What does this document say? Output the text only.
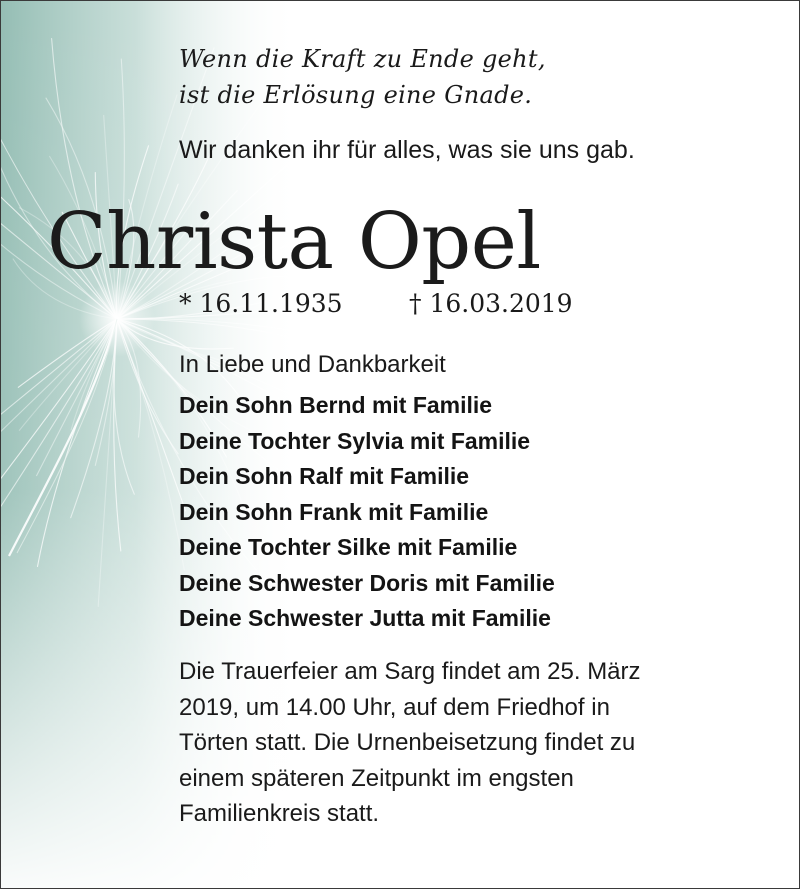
Wenn die Kraft zu Ende geht,
ist die Erlösung eine Gnade.
Wir danken ihr für alles, was sie uns gab.
Christa Opel
* 16.11.1935	† 16.03.2019
In Liebe und Dankbarkeit
Dein Sohn Bernd mit Familie
Deine Tochter Sylvia mit Familie
Dein Sohn Ralf mit Familie
Dein Sohn Frank mit Familie
Deine Tochter Silke mit Familie
Deine Schwester Doris mit Familie
Deine Schwester Jutta mit Familie
Die Trauerfeier am Sarg findet am 25. März
2019, um 14.00 Uhr, auf dem Friedhof in
Törten statt. Die Urnenbeisetzung findet zu
einem späteren Zeitpunkt im engsten
Familienkreis statt.
